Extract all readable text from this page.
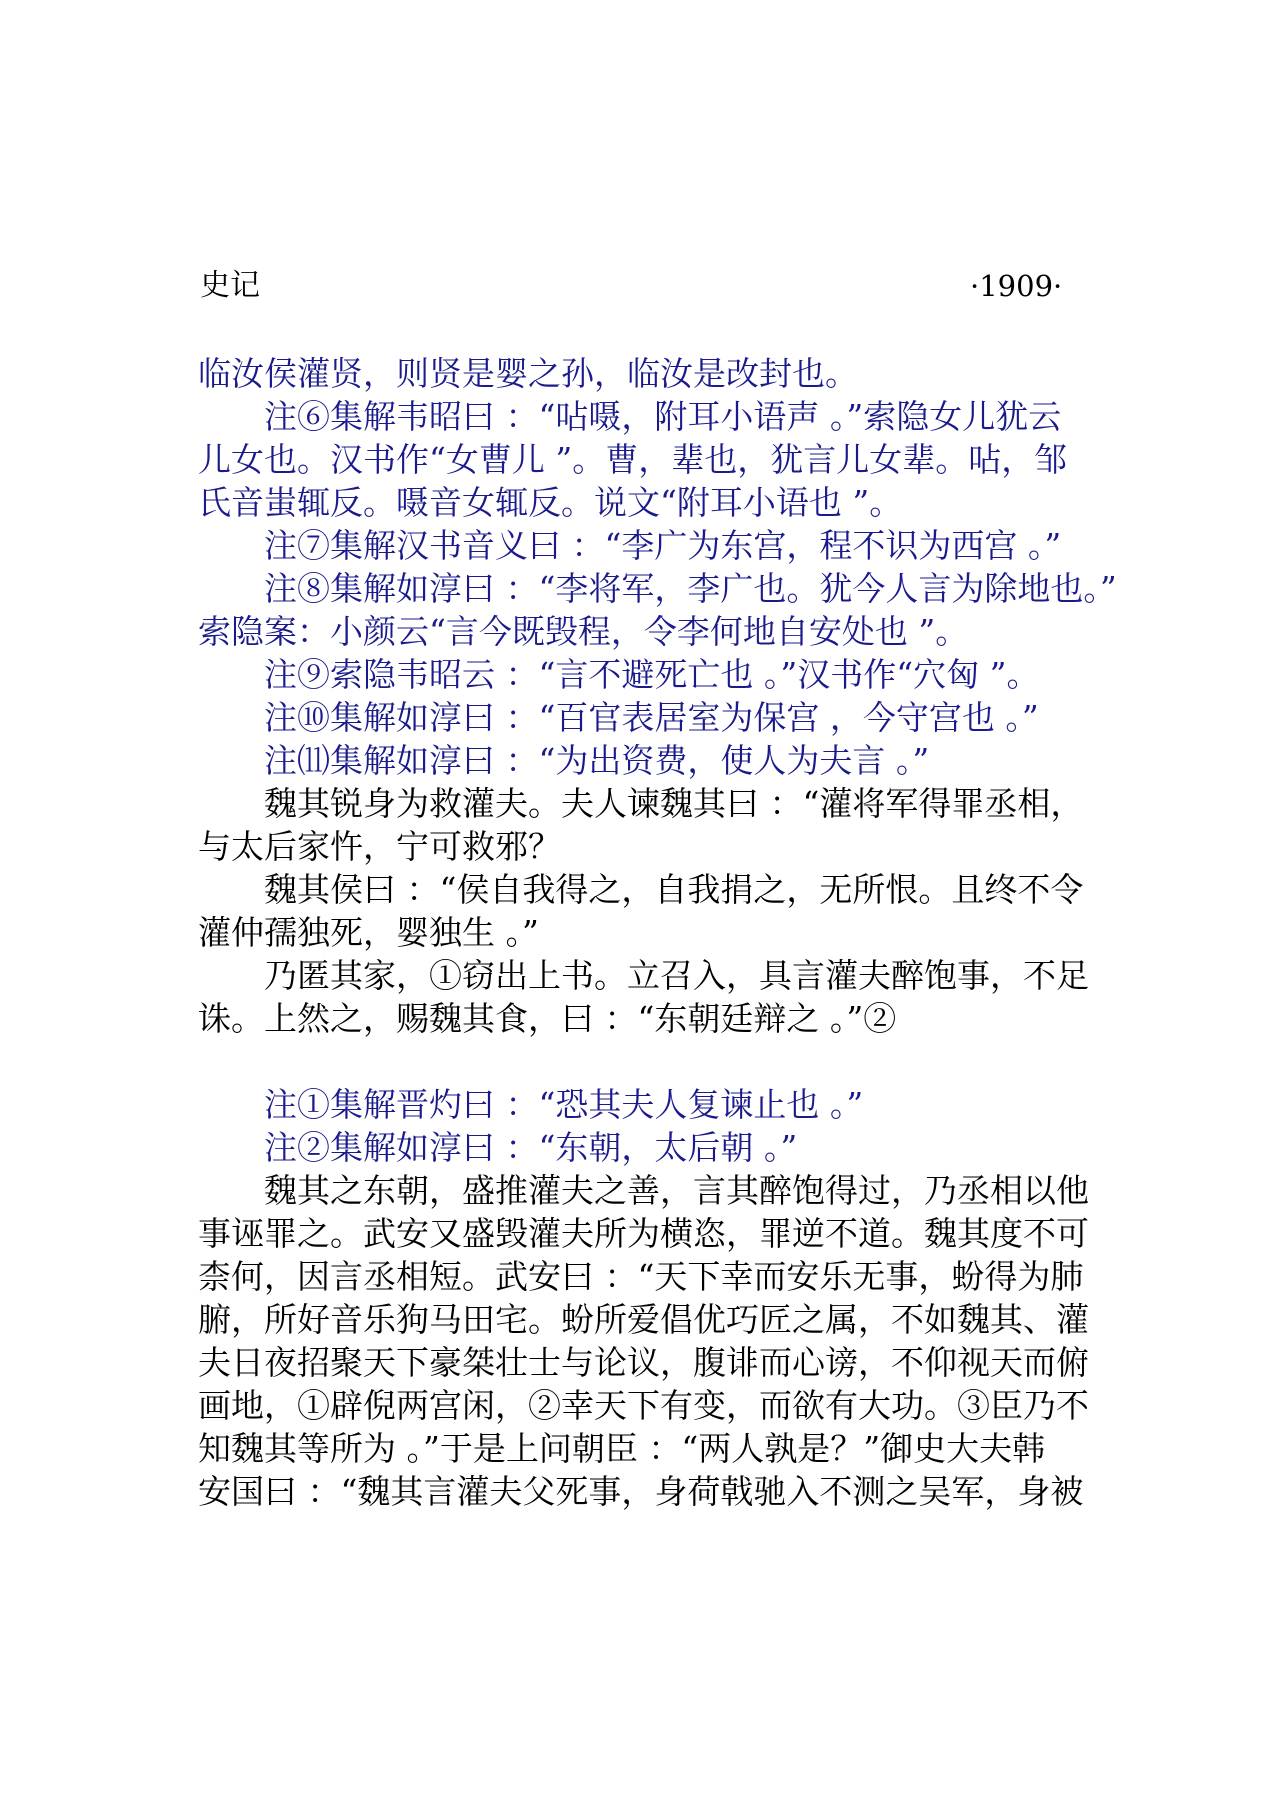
史记	·1909·
临汝侯灌贤，则贤是婴之孙，临汝是改封也。
注⑥集解韦昭曰 ：“呫嗫，附耳小语声 。”索隐女儿犹云
儿女也。汉书作“女曹儿 ”。曹，辈也，犹言儿女辈。呫，邹
氏音蚩辄反。嗫音女辄反。说文“附耳小语也 ”。
注⑦集解汉书音义曰 ：“李广为东宫，程不识为西宫 。”
注⑧集解如淳曰 ：“李将军，李广也。犹今人言为除地也。”
索隐案：小颜云“言今既毁程，令李何地自安处也 ”。
注⑨索隐韦昭云 ：“言不避死亡也 。”汉书作“穴匈 ”。
注⑩集解如淳曰 ：“百官表居室为保宫 ，今守宫也 。”
注⑾集解如淳曰 ：“为出资费，使人为夫言 。”
魏其锐身为救灌夫。夫人谏魏其曰 ：“灌将军得罪丞相，
与太后家忤，宁可救邪？
魏其侯曰 ：“侯自我得之，自我捐之，无所恨。且终不令
灌仲孺独死，婴独生 。”
乃匿其家，①窃出上书。立召入，具言灌夫醉饱事，不足
诛。上然之，赐魏其食，曰 ：“东朝廷辩之 。”②
注①集解晋灼曰 ：“恐其夫人复谏止也 。”
注②集解如淳曰 ：“东朝，太后朝 。”
魏其之东朝，盛推灌夫之善，言其醉饱得过，乃丞相以他
事诬罪之。武安又盛毁灌夫所为横恣，罪逆不道。魏其度不可
柰何，因言丞相短。武安曰 ：“天下幸而安乐无事，蚡得为肺
腑，所好音乐狗马田宅。蚡所爱倡优巧匠之属，不如魏其、灌
夫日夜招聚天下豪桀壮士与论议，腹诽而心谤，不仰视天而俯
画地，①辟倪两宫闲，②幸天下有变，而欲有大功。③臣乃不
知魏其等所为 。”于是上问朝臣 ：“两人孰是？”御史大夫韩
安国曰 ：“魏其言灌夫父死事，身荷戟驰入不测之吴军，身被
